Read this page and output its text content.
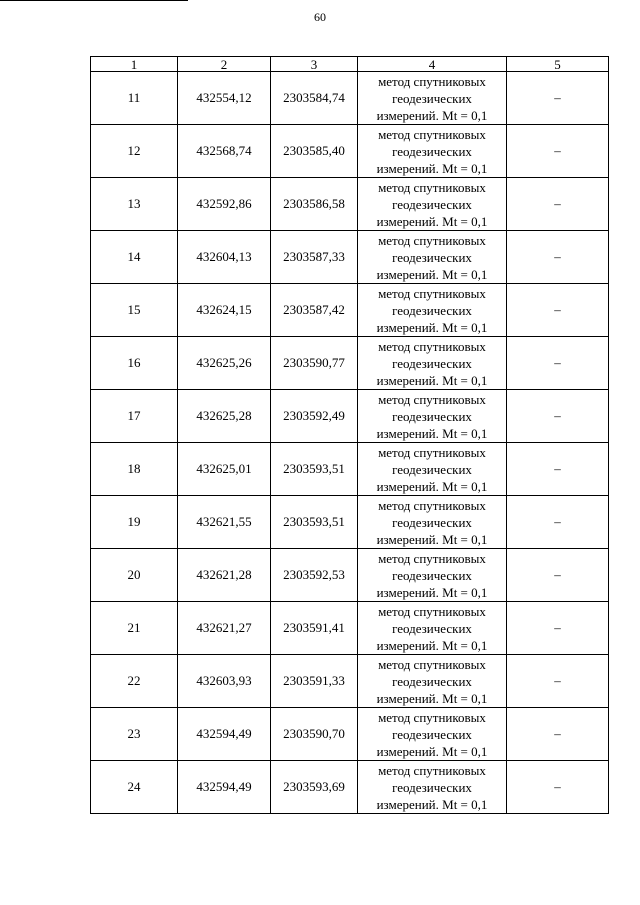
60
1	2	3	4	5
11	432554,12	2303584,74	метод спутниковых
геодезических
измерений. Mt = 0,1	–
12	432568,74	2303585,40	метод спутниковых
геодезических
измерений. Mt = 0,1	–
13	432592,86	2303586,58	метод спутниковых
геодезических
измерений. Mt = 0,1	–
14	432604,13	2303587,33	метод спутниковых
геодезических
измерений. Mt = 0,1	–
15	432624,15	2303587,42	метод спутниковых
геодезических
измерений. Mt = 0,1	–
16	432625,26	2303590,77	метод спутниковых
геодезических
измерений. Mt = 0,1	–
17	432625,28	2303592,49	метод спутниковых
геодезических
измерений. Mt = 0,1	–
18	432625,01	2303593,51	метод спутниковых
геодезических
измерений. Mt = 0,1	–
19	432621,55	2303593,51	метод спутниковых
геодезических
измерений. Mt = 0,1	–
20	432621,28	2303592,53	метод спутниковых
геодезических
измерений. Mt = 0,1	–
21	432621,27	2303591,41	метод спутниковых
геодезических
измерений. Mt = 0,1	–
22	432603,93	2303591,33	метод спутниковых
геодезических
измерений. Mt = 0,1	–
23	432594,49	2303590,70	метод спутниковых
геодезических
измерений. Mt = 0,1	–
24	432594,49	2303593,69	метод спутниковых
геодезических
измерений. Mt = 0,1	–
